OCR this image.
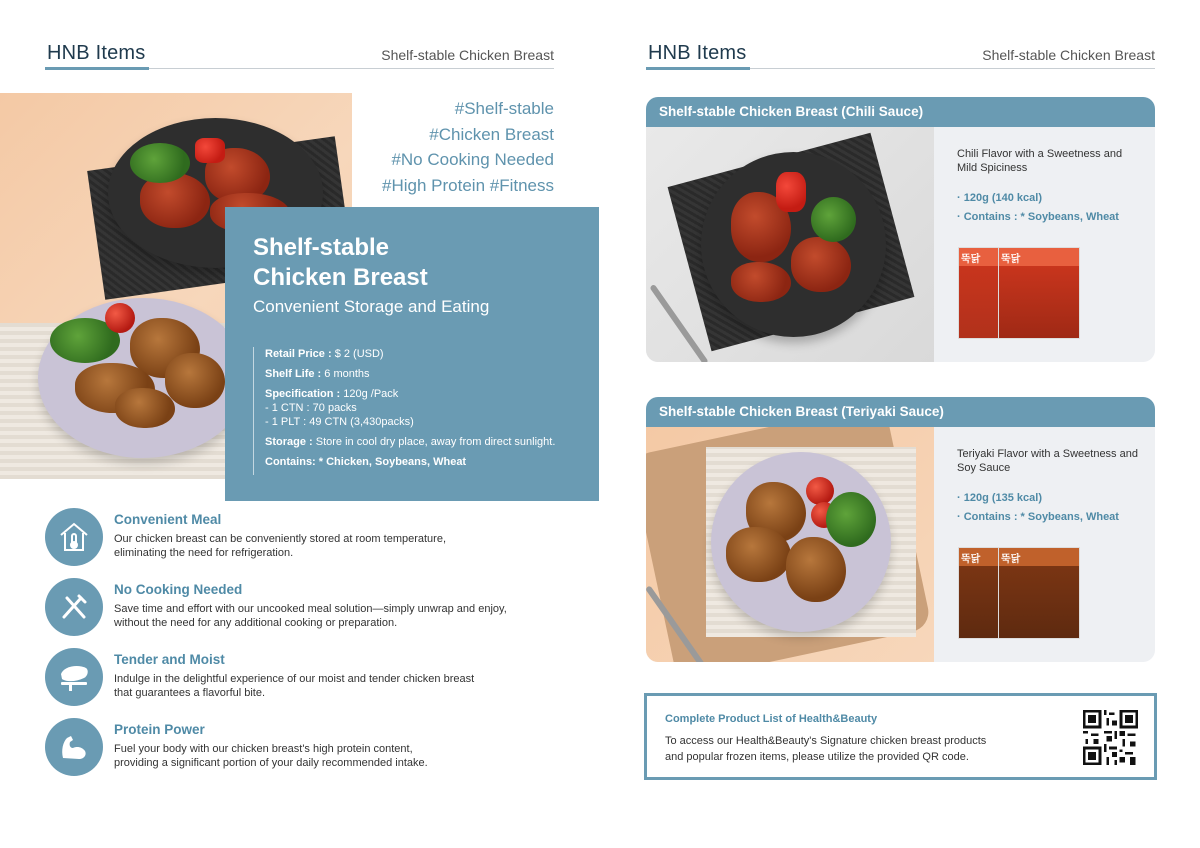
HNB Items	Shelf-stable Chicken Breast
#Shelf-stable
#Chicken Breast
#No Cooking Needed
#High Protein #Fitness
Shelf-stable
Chicken Breast
Convenient Storage and Eating
Retail Price : $ 2 (USD)
Shelf Life : 6 months
Specification : 120g /Pack
- 1 CTN : 70 packs
- 1 PLT : 49 CTN (3,430packs)
Storage : Store in cool dry place, away from direct sunlight.
Contains: * Chicken, Soybeans, Wheat
Convenient Meal
Our chicken breast can be conveniently stored at room temperature,
eliminating the need for refrigeration.
No Cooking Needed
Save time and effort with our uncooked meal solution—simply unwrap and enjoy,
without the need for any additional cooking or preparation.
Tender and Moist
Indulge in the delightful experience of our moist and tender chicken breast
that guarantees a flavorful bite.
Protein Power
Fuel your body with our chicken breast's high protein content,
providing a significant portion of your daily recommended intake.
HNB Items	Shelf-stable Chicken Breast
Shelf-stable Chicken Breast (Chili Sauce)
Chili Flavor with a Sweetness and Mild Spiciness
· 120g (140 kcal)
· Contains : * Soybeans, Wheat
뚝닭	뚝닭
Shelf-stable Chicken Breast (Teriyaki Sauce)
Teriyaki Flavor with a Sweetness and Soy Sauce
· 120g (135 kcal)
· Contains : * Soybeans, Wheat
뚝닭	뚝닭
Complete Product List of Health&Beauty
To access our Health&Beauty's Signature chicken breast products
and popular frozen items, please utilize the provided QR code.
